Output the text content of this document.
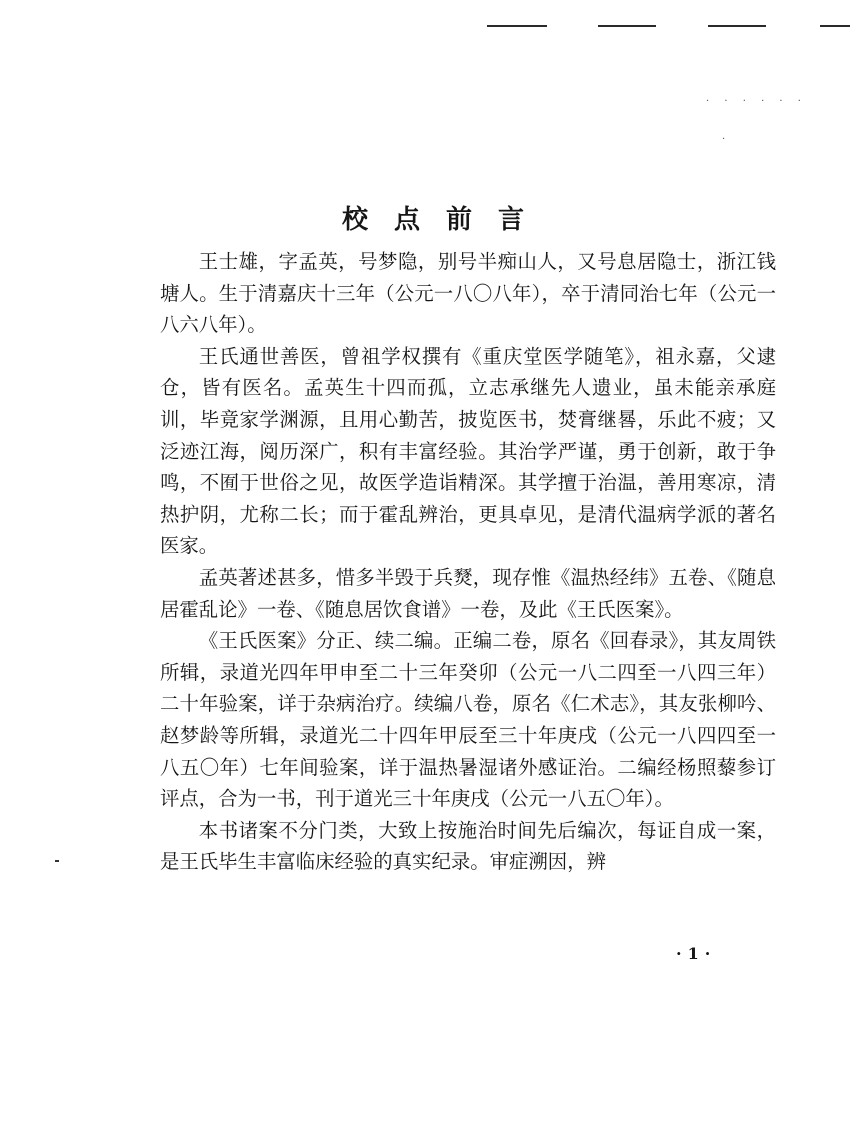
· · · · · ·
·
校点前言

王士雄，字孟英，号梦隐，别号半痴山人，又号息居隐士，浙江钱塘人。生于清嘉庆十三年（公元一八〇八年），卒于清同治七年（公元一八六八年）。

王氏通世善医，曾祖学权撰有《重庆堂医学随笔》，祖永嘉，父逮仓，皆有医名。孟英生十四而孤，立志承继先人遗业，虽未能亲承庭训，毕竟家学渊源，且用心勤苦，披览医书，焚膏继晷，乐此不疲；又泛迹江海，阅历深广，积有丰富经验。其治学严谨，勇于创新，敢于争鸣，不囿于世俗之见，故医学造诣精深。其学擅于治温，善用寒凉，清热护阴，尤称二长；而于霍乱辨治，更具卓见，是清代温病学派的著名医家。

孟英著述甚多，惜多半毁于兵燹，现存惟《温热经纬》五卷、《随息居霍乱论》一卷、《随息居饮食谱》一卷，及此《王氏医案》。

《王氏医案》分正、续二编。正编二卷，原名《回春录》，其友周铁所辑，录道光四年甲申至二十三年癸卯（公元一八二四至一八四三年）二十年验案，详于杂病治疗。续编八卷，原名《仁术志》，其友张柳吟、赵梦龄等所辑，录道光二十四年甲辰至三十年庚戌（公元一八四四至一八五〇年）七年间验案，详于温热暑湿诸外感证治。二编经杨照藜参订评点，合为一书，刊于道光三十年庚戌（公元一八五〇年）。

本书诸案不分门类，大致上按施治时间先后编次，每证自成一案，是王氏毕生丰富临床经验的真实纪录。审症溯因，辨

·1·
